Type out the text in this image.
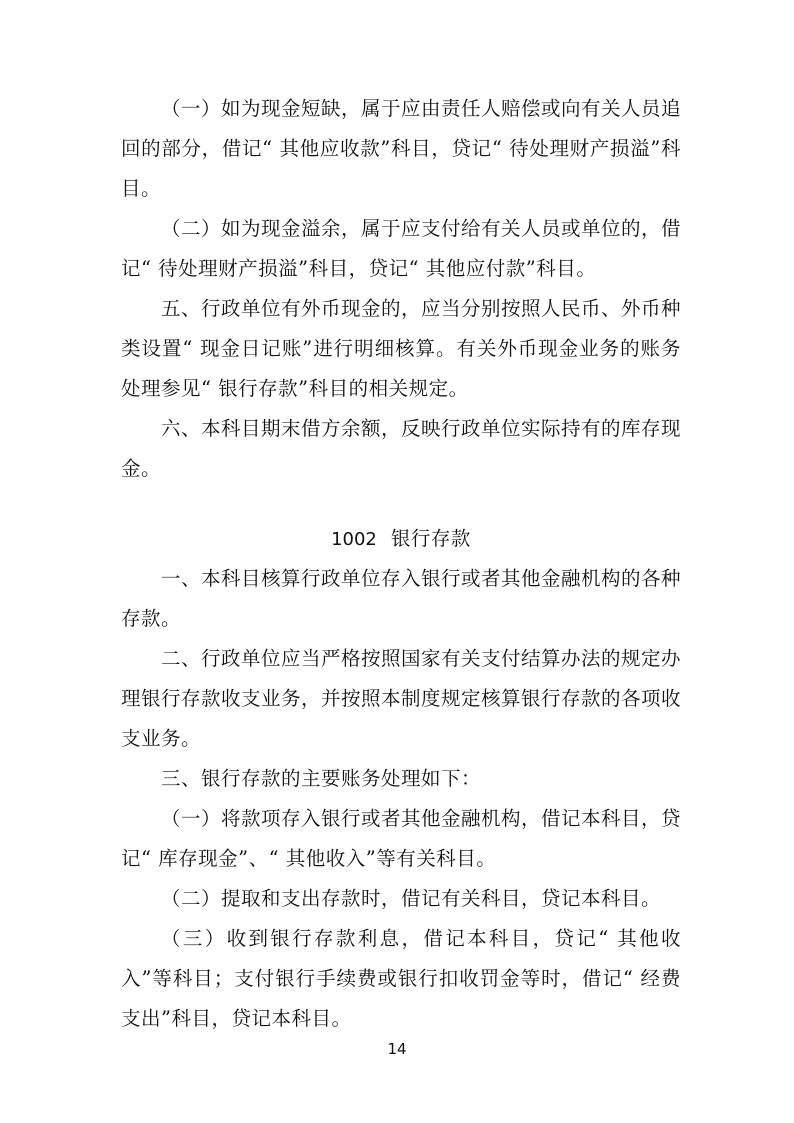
（一）如为现金短缺，属于应由责任人赔偿或向有关人员追回的部分，借记“ 其他应收款”科目，贷记“ 待处理财产损溢”科目。

（二）如为现金溢余，属于应支付给有关人员或单位的，借记“ 待处理财产损溢”科目，贷记“ 其他应付款”科目。

五、行政单位有外币现金的，应当分别按照人民币、外币种类设置“ 现金日记账”进行明细核算。有关外币现金业务的账务处理参见“ 银行存款”科目的相关规定。

六、本科目期末借方余额，反映行政单位实际持有的库存现金。

1002 银行存款

一、本科目核算行政单位存入银行或者其他金融机构的各种存款。

二、行政单位应当严格按照国家有关支付结算办法的规定办理银行存款收支业务，并按照本制度规定核算银行存款的各项收支业务。

三、银行存款的主要账务处理如下：

（一）将款项存入银行或者其他金融机构，借记本科目，贷记“ 库存现金”、“ 其他收入”等有关科目。

（二）提取和支出存款时，借记有关科目，贷记本科目。

（三）收到银行存款利息，借记本科目，贷记“ 其他收入”等科目；支付银行手续费或银行扣收罚金等时，借记“ 经费支出”科目，贷记本科目。

14
